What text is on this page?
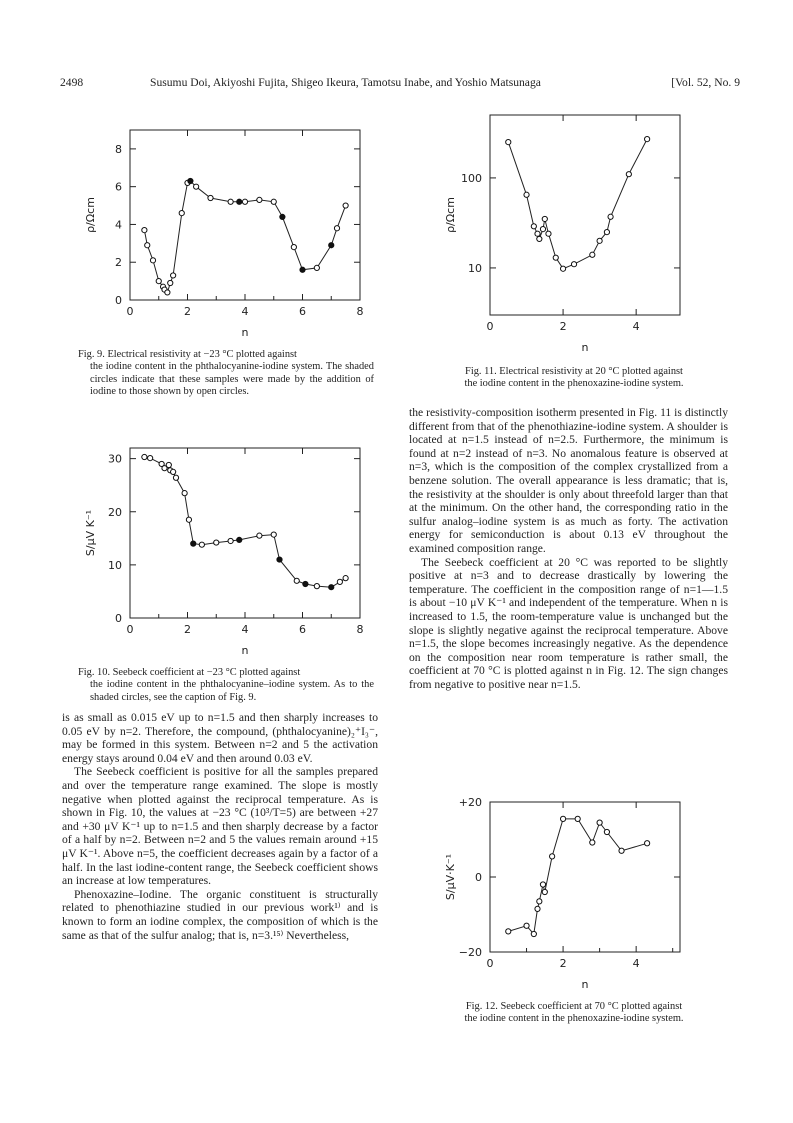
2498	Susumu Doi, Akiyoshi Fujita, Shigeo Ikeura, Tamotsu Inabe, and Yoshio Matsunaga	[Vol. 52, No. 9
0	2	4	6	8
0
2
4
6
8
n
ρ/Ωcm
Fig. 9. Electrical resistivity at −23 °C plotted against
the iodine content in the phthalocyanine-iodine system. The shaded circles indicate that these samples were made by the addition of iodine to those shown by open circles.
0	2	4	6	8
0
10
20
30
n
S/μV K⁻¹
Fig. 10. Seebeck coefficient at −23 °C plotted against
the iodine content in the phthalocyanine–iodine system. As to the shaded circles, see the caption of Fig. 9.

is as small as 0.015 eV up to n=1.5 and then sharply increases to 0.05 eV by n=2. Therefore, the compound, (phthalocyanine)₂⁺I₃⁻, may be formed in this system. Between n=2 and 5 the activation energy stays around 0.04 eV and then around 0.03 eV.

The Seebeck coefficient is positive for all the samples prepared and over the temperature range examined. The slope is mostly negative when plotted against the reciprocal temperature. As is shown in Fig. 10, the values at −23 °C (10³/T=5) are between +27 and +30 μV K⁻¹ up to n=1.5 and then sharply decrease by a factor of a half by n=2. Between n=2 and 5 the values remain around +15 μV K⁻¹. Above n=5, the coefficient decreases again by a factor of a half. In the last iodine-content range, the Seebeck coefficient shows an increase at low temperatures.

Phenoxazine–Iodine. The organic constituent is structurally related to phenothiazine studied in our previous work¹⁾ and is known to form an iodine complex, the composition of which is the same as that of the sulfur analog; that is, n=3.¹⁵⁾ Nevertheless,

0	2	4
10
100
n
ρ/Ωcm
Fig. 11. Electrical resistivity at 20 °C plotted against
the iodine content in the phenoxazine-iodine system.

the resistivity-composition isotherm presented in Fig. 11 is distinctly different from that of the phenothiazine-iodine system. A shoulder is located at n=1.5 instead of n=2.5. Furthermore, the minimum is found at n=2 instead of n=3. No anomalous feature is observed at n=3, which is the composition of the complex crystallized from a benzene solution. The overall appearance is less dramatic; that is, the resistivity at the shoulder is only about threefold larger than that at the minimum. On the other hand, the corresponding ratio in the sulfur analog–iodine system is as much as forty. The activation energy for semiconduction is about 0.13 eV throughout the examined composition range.

The Seebeck coefficient at 20 °C was reported to be slightly positive at n=3 and to decrease drastically by lowering the temperature. The coefficient in the composition range of n=1—1.5 is about −10 μV K⁻¹ and independent of the temperature. When n is increased to 1.5, the room-temperature value is unchanged but the slope is slightly negative against the reciprocal temperature. Above n=1.5, the slope becomes increasingly negative. As the dependence on the composition near room temperature is rather small, the coefficient at 70 °C is plotted against n in Fig. 12. The sign changes from negative to positive near n=1.5.

0	2	4
+20
0
−20
n
S/μV·K⁻¹
Fig. 12. Seebeck coefficient at 70 °C plotted against
the iodine content in the phenoxazine-iodine system.
